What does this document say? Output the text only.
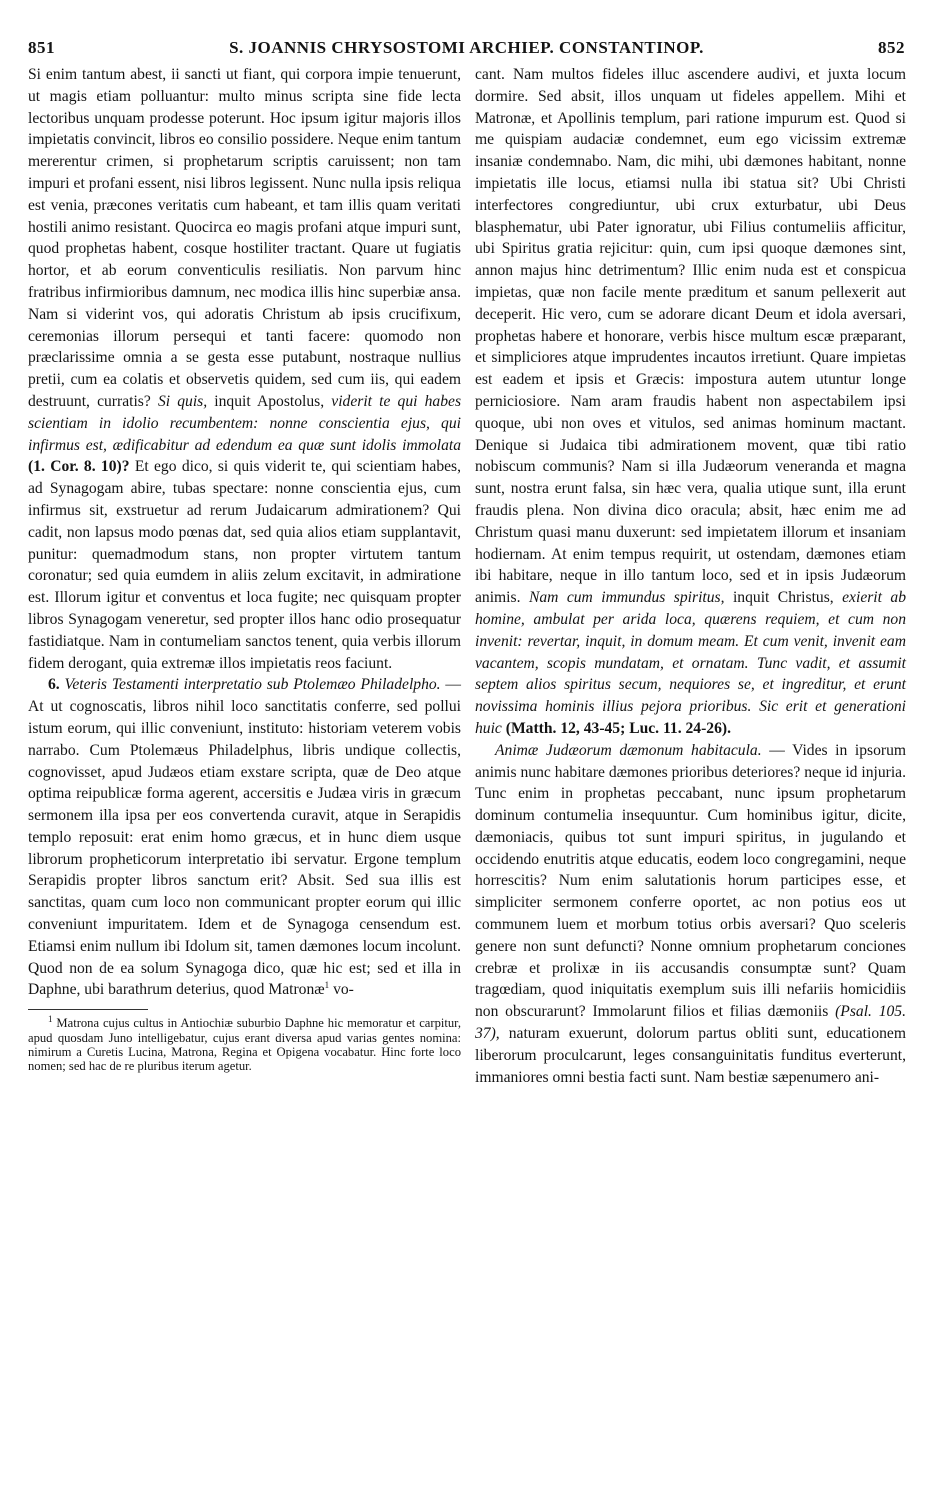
851	S. JOANNIS CHRYSOSTOMI ARCHIEP. CONSTANTINOP.	852

Si enim tantum abest, ii sancti ut fiant, qui corpora impie tenuerunt, ut magis etiam polluantur: multo minus scripta sine fide lecta lectoribus unquam prodesse poterunt. Hoc ipsum igitur majoris illos impietatis convincit, libros eo consilio possidere. Neque enim tantum mererentur crimen, si prophetarum scriptis caruissent; non tam impuri et profani essent, nisi libros legissent. Nunc nulla ipsis reliqua est venia, præcones veritatis cum habeant, et tam illis quam veritati hostili animo resistant. Quocirca eo magis profani atque impuri sunt, quod prophetas habent, cosque hostiliter tractant. Quare ut fugiatis hortor, et ab eorum conventiculis resiliatis. Non parvum hinc fratribus infirmioribus damnum, nec modica illis hinc superbiæ ansa. Nam si viderint vos, qui adoratis Christum ab ipsis crucifixum, ceremonias illorum persequi et tanti facere: quomodo non præclarissime omnia a se gesta esse putabunt, nostraque nullius pretii, cum ea colatis et observetis quidem, sed cum iis, qui eadem destruunt, curratis? Si quis, inquit Apostolus, viderit te qui habes scientiam in idolio recumbentem: nonne conscientia ejus, qui infirmus est, ædificabitur ad edendum ea quæ sunt idolis immolata (1. Cor. 8. 10)? Et ego dico, si quis viderit te, qui scientiam habes, ad Synagogam abire, tubas spectare: nonne conscientia ejus, cum infirmus sit, exstruetur ad rerum Judaicarum admirationem? Qui cadit, non lapsus modo pœnas dat, sed quia alios etiam supplantavit, punitur: quemadmodum stans, non propter virtutem tantum coronatur; sed quia eumdem in aliis zelum excitavit, in admiratione est. Illorum igitur et conventus et loca fugite; nec quisquam propter libros Synagogam veneretur, sed propter illos hanc odio prosequatur fastidiatque. Nam in contumeliam sanctos tenent, quia verbis illorum fidem derogant, quia extremæ illos impietatis reos faciunt.

6. Veteris Testamenti interpretatio sub Ptolemæo Philadelpho. — At ut cognoscatis, libros nihil loco sanctitatis conferre, sed pollui istum eorum, qui illic conveniunt, instituto: historiam veterem vobis narrabo. Cum Ptolemæus Philadelphus, libris undique collectis, cognovisset, apud Judæos etiam exstare scripta, quæ de Deo atque optima reipublicæ forma agerent, accersitis e Judæa viris in græcum sermonem illa ipsa per eos convertenda curavit, atque in Serapidis templo reposuit: erat enim homo græcus, et in hunc diem usque librorum propheticorum interpretatio ibi servatur. Ergone templum Serapidis propter libros sanctum erit? Absit. Sed sua illis est sanctitas, quam cum loco non communicant propter eorum qui illic conveniunt impuritatem. Idem et de Synagoga censendum est. Etiamsi enim nullum ibi Idolum sit, tamen dæmones locum incolunt. Quod non de ea solum Synagoga dico, quæ hic est; sed et illa in Daphne, ubi barathrum deterius, quod Matronæ$^1$ vo-

$^1$ Matrona cujus cultus in Antiochiæ suburbio Daphne hic memoratur et carpitur, apud quosdam Juno intelligebatur, cujus erant diversa apud varias gentes nomina: nimirum a Curetis Lucina, Matrona, Regina et Opigena vocabatur. Hinc forte loco nomen; sed hac de re pluribus iterum agetur.

cant. Nam multos fideles illuc ascendere audivi, et juxta locum dormire. Sed absit, illos unquam ut fideles appellem. Mihi et Matronæ, et Apollinis templum, pari ratione impurum est. Quod si me quispiam audaciæ condemnet, eum ego vicissim extremæ insaniæ condemnabo. Nam, dic mihi, ubi dæmones habitant, nonne impietatis ille locus, etiamsi nulla ibi statua sit? Ubi Christi interfectores congrediuntur, ubi crux exturbatur, ubi Deus blasphematur, ubi Pater ignoratur, ubi Filius contumeliis afficitur, ubi Spiritus gratia rejicitur: quin, cum ipsi quoque dæmones sint, annon majus hinc detrimentum? Illic enim nuda est et conspicua impietas, quæ non facile mente præditum et sanum pellexerit aut deceperit. Hic vero, cum se adorare dicant Deum et idola aversari, prophetas habere et honorare, verbis hisce multum escæ præparant, et simpliciores atque imprudentes incautos irretiunt. Quare impietas est eadem et ipsis et Græcis: impostura autem utuntur longe perniciosiore. Nam aram fraudis habent non aspectabilem ipsi quoque, ubi non oves et vitulos, sed animas hominum mactant. Denique si Judaica tibi admirationem movent, quæ tibi ratio nobiscum communis? Nam si illa Judæorum veneranda et magna sunt, nostra erunt falsa, sin hæc vera, qualia utique sunt, illa erunt fraudis plena. Non divina dico oracula; absit, hæc enim me ad Christum quasi manu duxerunt: sed impietatem illorum et insaniam hodiernam. At enim tempus requirit, ut ostendam, dæmones etiam ibi habitare, neque in illo tantum loco, sed et in ipsis Judæorum animis. Nam cum immundus spiritus, inquit Christus, exierit ab homine, ambulat per arida loca, quærens requiem, et cum non invenit: revertar, inquit, in domum meam. Et cum venit, invenit eam vacantem, scopis mundatam, et ornatam. Tunc vadit, et assumit septem alios spiritus secum, nequiores se, et ingreditur, et erunt novissima hominis illius pejora prioribus. Sic erit et generationi huic (Matth. 12, 43-45; Luc. 11. 24-26).

Animæ Judæorum dæmonum habitacula. — Vides in ipsorum animis nunc habitare dæmones prioribus deteriores? neque id injuria. Tunc enim in prophetas peccabant, nunc ipsum prophetarum dominum contumelia insequuntur. Cum hominibus igitur, dicite, dæmoniacis, quibus tot sunt impuri spiritus, in jugulando et occidendo enutritis atque educatis, eodem loco congregamini, neque horrescitis? Num enim salutationis horum participes esse, et simpliciter sermonem conferre oportet, ac non potius eos ut communem luem et morbum totius orbis aversari? Quo sceleris genere non sunt defuncti? Nonne omnium prophetarum conciones crebræ et prolixæ in iis accusandis consumptæ sunt? Quam tragœdiam, quod iniquitatis exemplum suis illi nefariis homicidiis non obscurarunt? Immolarunt filios et filias dæmoniis (Psal. 105. 37), naturam exuerunt, dolorum partus obliti sunt, educationem liberorum proculcarunt, leges consanguinitatis funditus everterunt, immaniores omni bestia facti sunt. Nam bestiæ sæpenumero ani-
